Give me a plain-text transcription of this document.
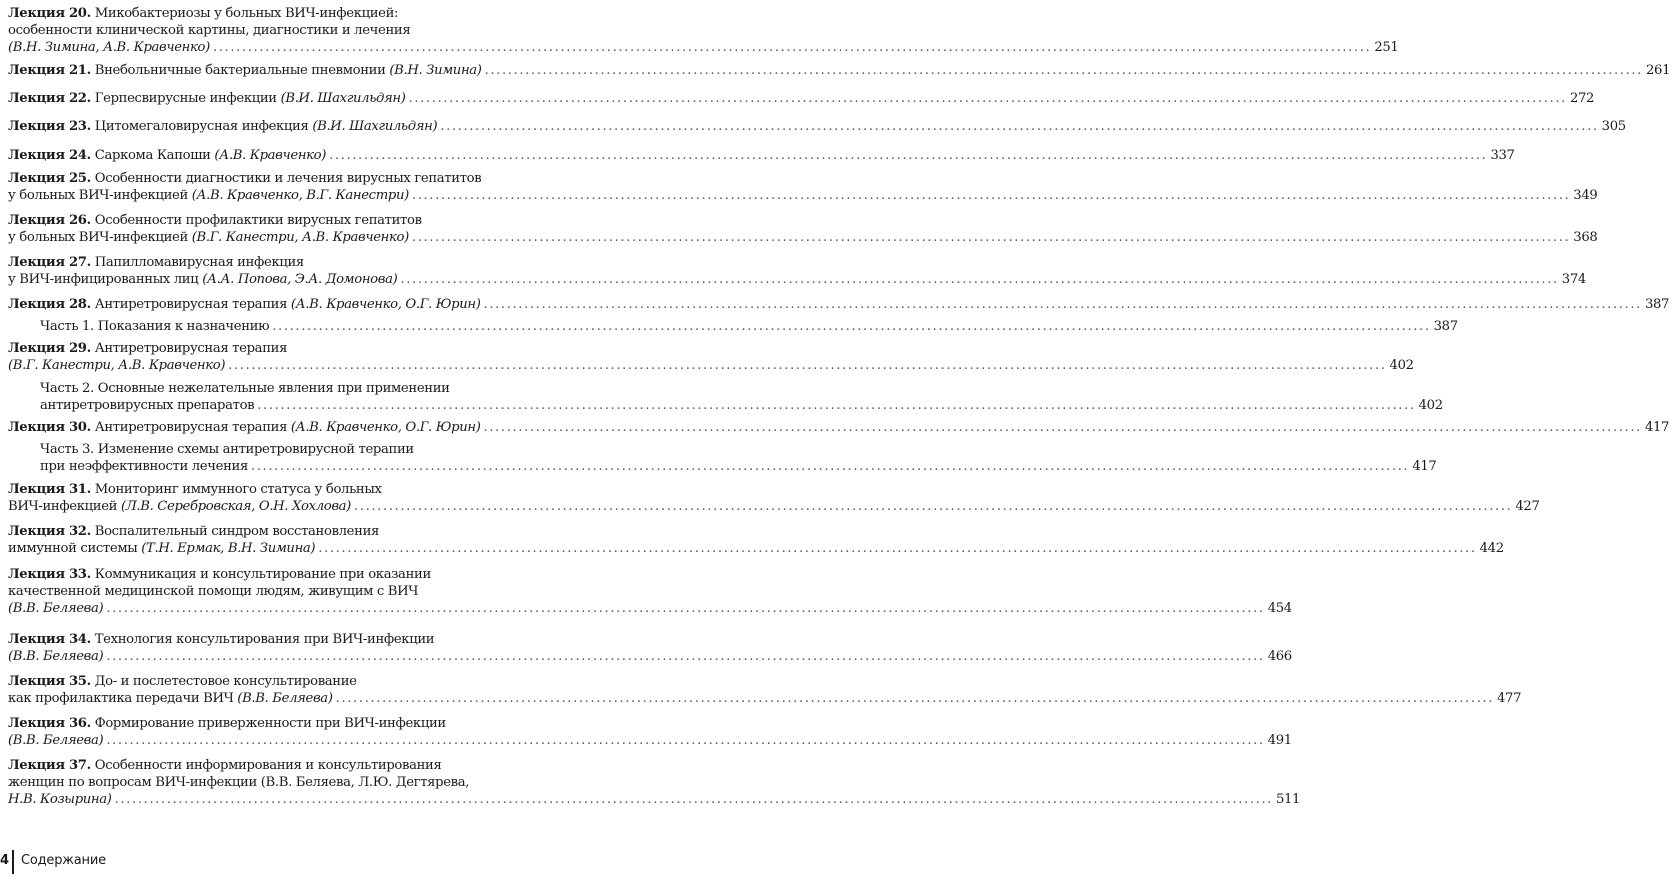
Лекция 20. Микобактериозы у больных ВИЧ-инфекцией:
особенности клинической картины, диагностики и лечения
(В.Н. Зимина, А.В. Кравченко) ........................................................................................................................................................................................................ 251
Лекция 21. Внебольничные бактериальные пневмонии (В.Н. Зимина) ........................................................................................................................................................................................................ 261
Лекция 22. Герпесвирусные инфекции (В.И. Шахгильдян) ........................................................................................................................................................................................................ 272
Лекция 23. Цитомегаловирусная инфекция (В.И. Шахгильдян) ........................................................................................................................................................................................................ 305
Лекция 24. Саркома Капоши (А.В. Кравченко) ........................................................................................................................................................................................................ 337
Лекция 25. Особенности диагностики и лечения вирусных гепатитов
у больных ВИЧ-инфекцией (А.В. Кравченко, В.Г. Канестри) ........................................................................................................................................................................................................ 349
Лекция 26. Особенности профилактики вирусных гепатитов
у больных ВИЧ-инфекцией (В.Г. Канестри, А.В. Кравченко) ........................................................................................................................................................................................................ 368
Лекция 27. Папилломавирусная инфекция
у ВИЧ-инфицированных лиц (А.А. Попова, Э.А. Домонова) ........................................................................................................................................................................................................ 374
Лекция 28. Антиретровирусная терапия (А.В. Кравченко, О.Г. Юрин) ........................................................................................................................................................................................................ 387
Часть 1. Показания к назначению ........................................................................................................................................................................................................ 387
Лекция 29. Антиретровирусная терапия
(В.Г. Канестри, А.В. Кравченко) ........................................................................................................................................................................................................ 402
Часть 2. Основные нежелательные явления при применении
антиретровирусных препаратов ........................................................................................................................................................................................................ 402
Лекция 30. Антиретровирусная терапия (А.В. Кравченко, О.Г. Юрин) ........................................................................................................................................................................................................ 417
Часть 3. Изменение схемы антиретровирусной терапии
при неэффективности лечения ........................................................................................................................................................................................................ 417
Лекция 31. Мониторинг иммунного статуса у больных
ВИЧ-инфекцией (Л.В. Серебровская, О.Н. Хохлова) ........................................................................................................................................................................................................ 427
Лекция 32. Воспалительный синдром восстановления
иммунной системы (Т.Н. Ермак, В.Н. Зимина) ........................................................................................................................................................................................................ 442
Лекция 33. Коммуникация и консультирование при оказании
качественной медицинской помощи людям, живущим с ВИЧ
(В.В. Беляева) ........................................................................................................................................................................................................ 454
Лекция 34. Технология консультирования при ВИЧ-инфекции
(В.В. Беляева) ........................................................................................................................................................................................................ 466
Лекция 35. До- и послетестовое консультирование
как профилактика передачи ВИЧ (В.В. Беляева) ........................................................................................................................................................................................................ 477
Лекция 36. Формирование приверженности при ВИЧ-инфекции
(В.В. Беляева) ........................................................................................................................................................................................................ 491
Лекция 37. Особенности информирования и консультирования
женщин по вопросам ВИЧ-инфекции (В.В. Беляева, Л.Ю. Дегтярева,
Н.В. Козырина) ........................................................................................................................................................................................................ 511
4 Содержание
